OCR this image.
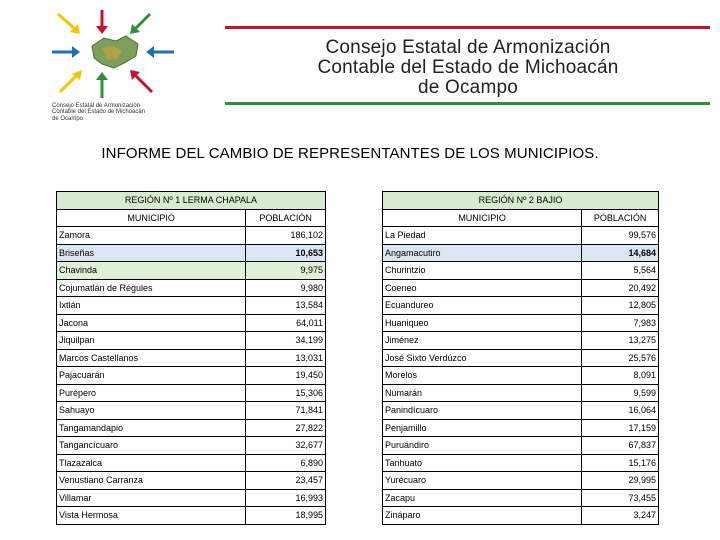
Consejo Estatal de Armonización
Contable del Estado de Michoacán
de Ocampo
Consejo Estatal de Armonización
Contable del Estado de Michoacán
de Ocampo
INFORME DEL CAMBIO DE REPRESENTANTES DE LOS MUNICIPIOS.
REGIÓN Nº 1 LERMA CHAPALA	
MUNICIPIO	POBLACIÓN
Zamora	186,102
Briseñas	10,653
Chavinda	9,975
Cojumatlán de Régules	9,980
Ixtlán	13,584
Jacona	64,011
Jiquilpan	34,199
Marcos Castellanos	13,031
Pajacuarán	19,450
Purépero	15,306
Sahuayo	71,841
Tangamandapio	27,822
Tangancícuaro	32,677
Tlazazalca	6,890
Venustiano Carranza	23,457
Villamar	16,993
Vista Hermosa	18,995
REGIÓN Nº 2 BAJIO	
MUNICIPIO	POBLACIÓN
La Piedad	99,576
Angamacutiro	14,684
Churintzio	5,564
Coeneo	20,492
Ecuandureo	12,805
Huaniqueo	7,983
Jiménez	13,275
José Sixto Verdúzco	25,576
Morelos	8,091
Numarán	9,599
Panindícuaro	16,064
Penjamillo	17,159
Puruándiro	67,837
Tanhuato	15,176
Yurécuaro	29,995
Zacapu	73,455
Zináparo	3,247
